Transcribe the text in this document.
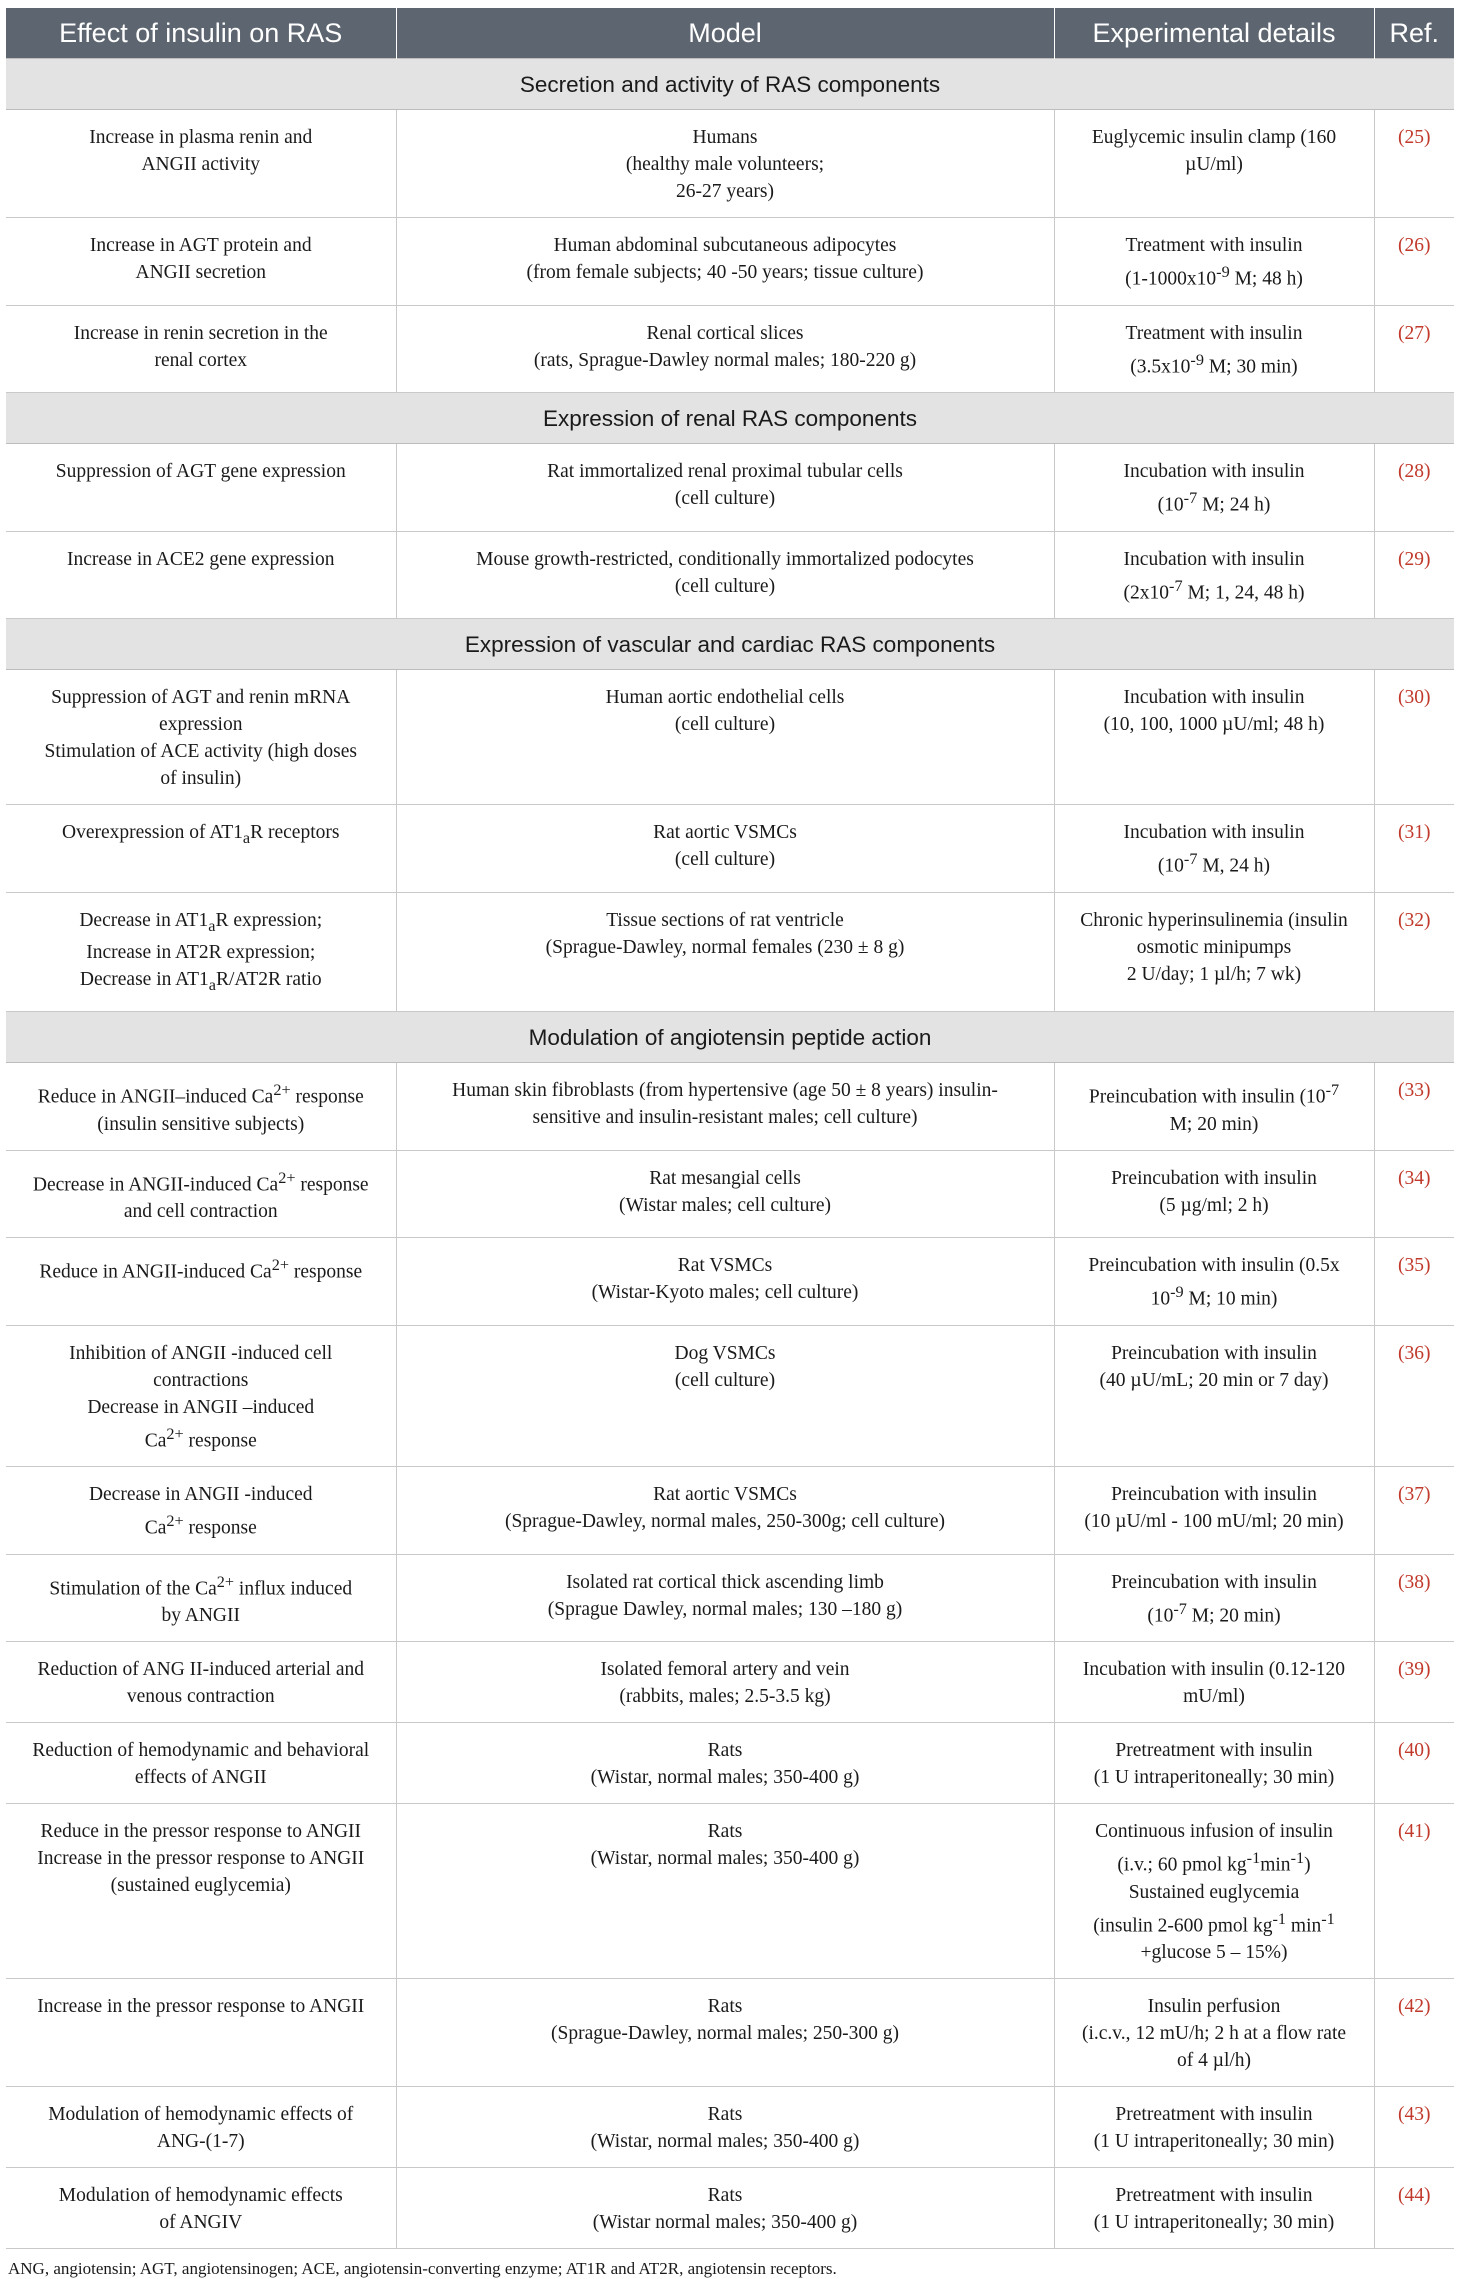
Effect of insulin on RAS	Model	Experimental details	Ref.
Secretion and activity of RAS components			

Increase in plasma renin and
ANGII activity	Humans
(healthy male volunteers;
26-27 years)	Euglycemic insulin clamp (160
µU/ml)	(25)

Increase in AGT protein and
ANGII secretion	Human abdominal subcutaneous adipocytes
(from female subjects; 40 -50 years; tissue culture)	Treatment with insulin
($1-1000x10^{-9}$ M; 48 h)	(26)

Increase in renin secretion in the
renal cortex	Renal cortical slices
(rats, Sprague-Dawley normal males; 180-220 g)	Treatment with insulin
($3.5x10^{-9}$ M; 30 min)	(27)

Expression of renal RAS components			

Suppression of AGT gene expression	Rat immortalized renal proximal tubular cells
(cell culture)	Incubation with insulin
($10^{-7}$ M; 24 h)	(28)

Increase in ACE2 gene expression	Mouse growth-restricted, conditionally immortalized podocytes
(cell culture)	Incubation with insulin
($2x10^{-7}$ M; 1, 24, 48 h)	(29)

Expression of vascular and cardiac RAS components			

Suppression of AGT and renin mRNA
expression
Stimulation of ACE activity (high doses
of insulin)	Human aortic endothelial cells
(cell culture)	Incubation with insulin
(10, 100, 1000 µU/ml; 48 h)	(30)

Overexpression of $AT1_aR$ receptors	Rat aortic VSMCs
(cell culture)	Incubation with insulin
($10^{-7}$ M, 24 h)	(31)

Decrease in $AT1_aR$ expression;
Increase in AT2R expression;
Decrease in $AT1_aR/AT2R$ ratio	Tissue sections of rat ventricle
(Sprague-Dawley, normal females (230 ± 8 g)	Chronic hyperinsulinemia (insulin
osmotic minipumps
2 U/day; 1 µl/h; 7 wk)	(32)

Modulation of angiotensin peptide action			

Reduce in ANGII–induced $Ca^{2+}$ response
(insulin sensitive subjects)	Human skin fibroblasts (from hypertensive (age 50 ± 8 years) insulin-
sensitive and insulin-resistant males; cell culture)	Preincubation with insulin ($10^{-7}$
M; 20 min)	(33)

Decrease in ANGII-induced $Ca^{2+}$ response
and cell contraction	Rat mesangial cells
(Wistar males; cell culture)	Preincubation with insulin
(5 µg/ml; 2 h)	(34)

Reduce in ANGII-induced $Ca^{2+}$ response	Rat VSMCs
(Wistar-Kyoto males; cell culture)	Preincubation with insulin (0.5x
$10^{-9}$ M; 10 min)	(35)

Inhibition of ANGII -induced cell
contractions
Decrease in ANGII –induced
$Ca^{2+}$ response	Dog VSMCs
(cell culture)	Preincubation with insulin
(40 µU/mL; 20 min or 7 day)	(36)

Decrease in ANGII -induced
$Ca^{2+}$ response	Rat aortic VSMCs
(Sprague-Dawley, normal males, 250-300g; cell culture)	Preincubation with insulin
(10 µU/ml - 100 mU/ml; 20 min)	(37)

Stimulation of the $Ca^{2+}$ influx induced
by ANGII	Isolated rat cortical thick ascending limb
(Sprague Dawley, normal males; 130 –180 g)	Preincubation with insulin
($10^{-7}$ M; 20 min)	(38)

Reduction of ANG II-induced arterial and
venous contraction	Isolated femoral artery and vein
(rabbits, males; 2.5-3.5 kg)	Incubation with insulin (0.12-120
mU/ml)	(39)

Reduction of hemodynamic and behavioral
effects of ANGII	Rats
(Wistar, normal males; 350-400 g)	Pretreatment with insulin
(1 U intraperitoneally; 30 min)	(40)

Reduce in the pressor response to ANGII
Increase in the pressor response to ANGII
(sustained euglycemia)	Rats
(Wistar, normal males; 350-400 g)	Continuous infusion of insulin
(i.v.; 60 pmol $kg^{-1}\min^{-1}$)
Sustained euglycemia
(insulin 2-600 pmol $kg^{-1}$ $\min^{-1}$
+glucose 5 – 15%)	(41)

Increase in the pressor response to ANGII	Rats
(Sprague-Dawley, normal males; 250-300 g)	Insulin perfusion
(i.c.v., 12 mU/h; 2 h at a flow rate
of 4 µl/h)	(42)

Modulation of hemodynamic effects of
ANG-(1-7)	Rats
(Wistar, normal males; 350-400 g)	Pretreatment with insulin
(1 U intraperitoneally; 30 min)	(43)

Modulation of hemodynamic effects
of ANGIV	Rats
(Wistar normal males; 350-400 g)	Pretreatment with insulin
(1 U intraperitoneally; 30 min)	(44)
ANG, angiotensin; AGT, angiotensinogen; ACE, angiotensin-converting enzyme; AT1R and AT2R, angiotensin receptors.
